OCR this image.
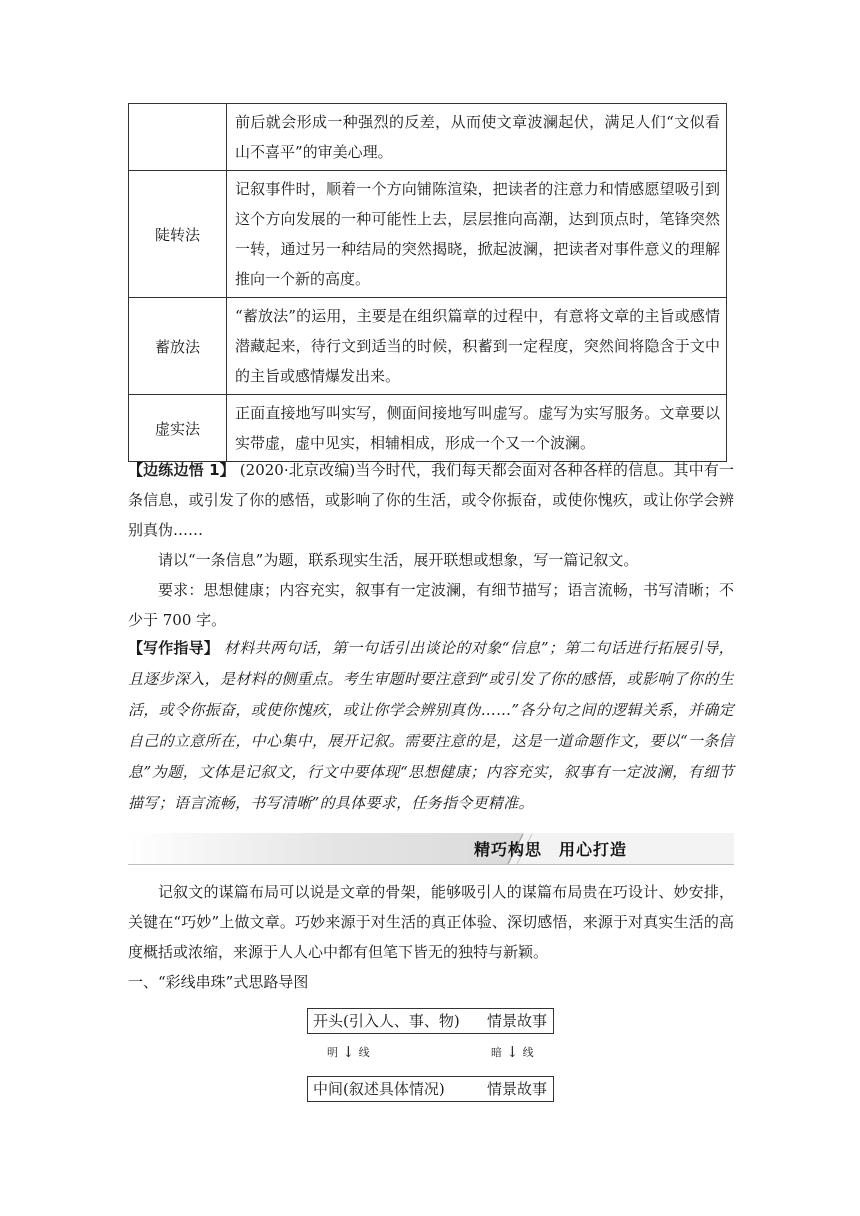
	前后就会形成一种强烈的反差，从而使文章波澜起伏，满足人们“文似看山不喜平”的审美心理。
陡转法	记叙事件时，顺着一个方向铺陈渲染，把读者的注意力和情感愿望吸引到这个方向发展的一种可能性上去，层层推向高潮，达到顶点时，笔锋突然一转，通过另一种结局的突然揭晓，掀起波澜，把读者对事件意义的理解推向一个新的高度。
蓄放法	“蓄放法”的运用，主要是在组织篇章的过程中，有意将文章的主旨或感情潜藏起来，待行文到适当的时候，积蓄到一定程度，突然间将隐含于文中的主旨或感情爆发出来。
虚实法	正面直接地写叫实写，侧面间接地写叫虚写。虚写为实写服务。文章要以实带虚，虚中见实，相辅相成，形成一个又一个波澜。
【边练边悟 1】 (2020·北京改编)当今时代，我们每天都会面对各种各样的信息。其中有一条信息，或引发了你的感悟，或影响了你的生活，或令你振奋，或使你愧疚，或让你学会辨别真伪……
请以“一条信息”为题，联系现实生活，展开联想或想象，写一篇记叙文。
要求：思想健康；内容充实，叙事有一定波澜，有细节描写；语言流畅，书写清晰；不少于 700 字。
【写作指导】 材料共两句话，第一句话引出谈论的对象“信息”；第二句话进行拓展引导，且逐步深入，是材料的侧重点。考生审题时要注意到“或引发了你的感悟，或影响了你的生活，或令你振奋，或使你愧疚，或让你学会辨别真伪……”各分句之间的逻辑关系，并确定自己的立意所在，中心集中，展开记叙。需要注意的是，这是一道命题作文，要以“一条信息”为题，文体是记叙文，行文中要体现“思想健康；内容充实，叙事有一定波澜，有细节描写；语言流畅，书写清晰”的具体要求，任务指令更精准。
精巧构思　用心打造
记叙文的谋篇布局可以说是文章的骨架，能够吸引人的谋篇布局贵在巧设计、妙安排，关键在“巧妙”上做文章。巧妙来源于对生活的真正体验、深切感悟，来源于对真实生活的高度概括或浓缩，来源于人人心中都有但笔下皆无的独特与新颖。
一、“彩线串珠”式思路导图
开头(引入人、事、物) 情景故事
明 ↓ 线	暗 ↓ 线
中间(叙述具体情况)	情景故事
